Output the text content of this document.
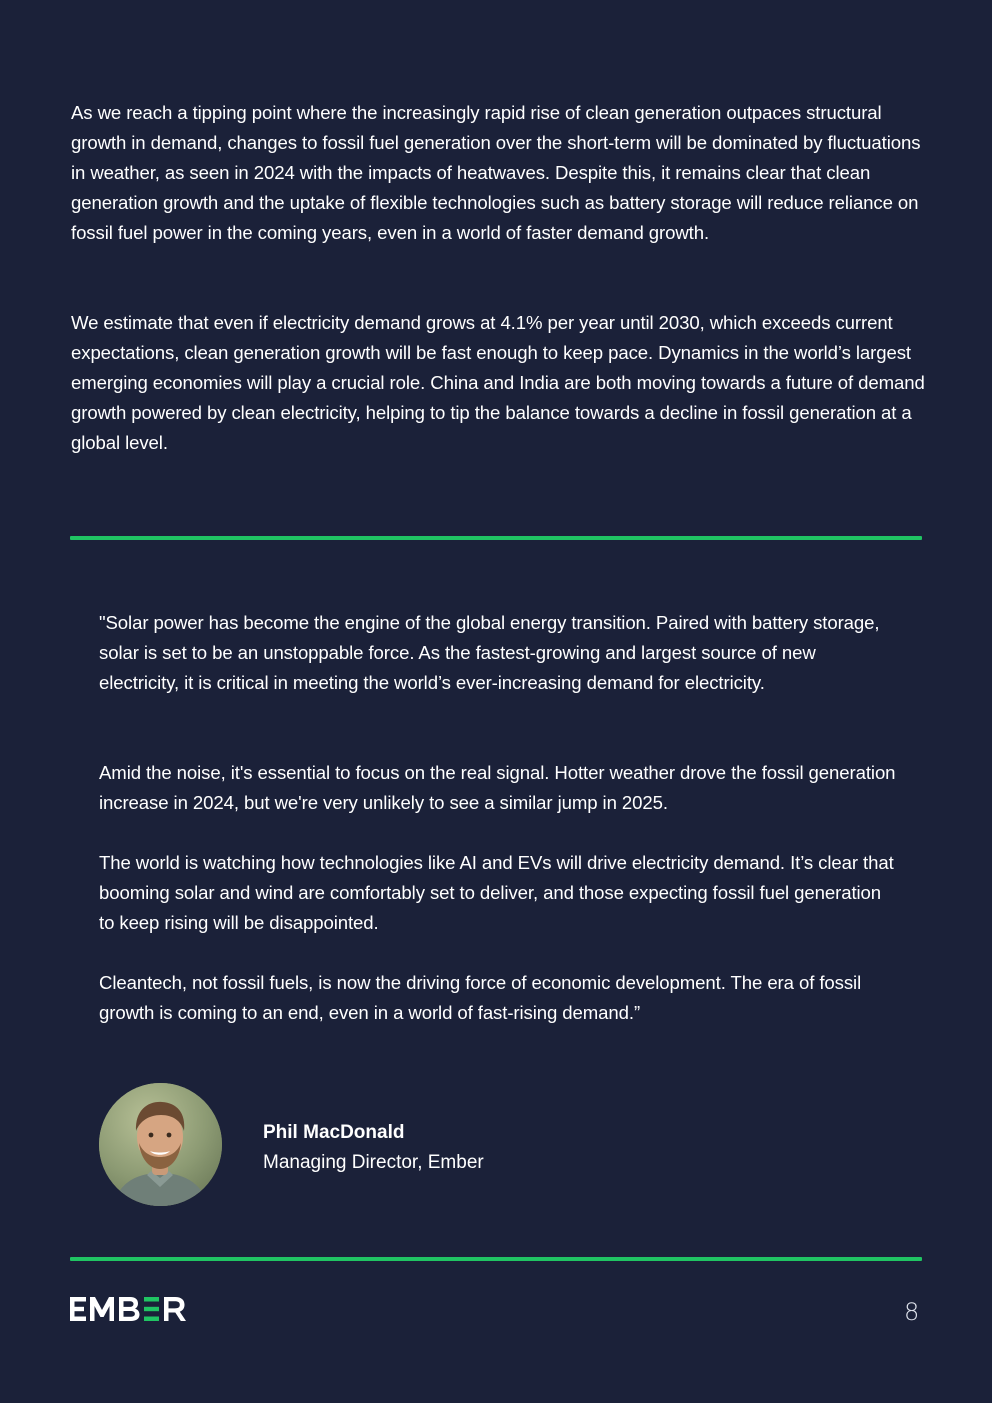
As we reach a tipping point where the increasingly rapid rise of clean generation outpaces structural growth in demand, changes to fossil fuel generation over the short-term will be dominated by fluctuations in weather, as seen in 2024 with the impacts of heatwaves. Despite this, it remains clear that clean generation growth and the uptake of flexible technologies such as battery storage will reduce reliance on fossil fuel power in the coming years, even in a world of faster demand growth.

We estimate that even if electricity demand grows at 4.1% per year until 2030, which exceeds current expectations, clean generation growth will be fast enough to keep pace. Dynamics in the world’s largest emerging economies will play a crucial role. China and India are both moving towards a future of demand growth powered by clean electricity, helping to tip the balance towards a decline in fossil generation at a global level.

"Solar power has become the engine of the global energy transition. Paired with battery storage, solar is set to be an unstoppable force. As the fastest-growing and largest source of new electricity, it is critical in meeting the world’s ever-increasing demand for electricity.

Amid the noise, it's essential to focus on the real signal. Hotter weather drove the fossil generation increase in 2024, but we're very unlikely to see a similar jump in 2025.

The world is watching how technologies like AI and EVs will drive electricity demand. It’s clear that booming solar and wind are comfortably set to deliver, and those expecting fossil fuel generation to keep rising will be disappointed.

Cleantech, not fossil fuels, is now the driving force of economic development. The era of fossil growth is coming to an end, even in a world of fast-rising demand.”

Phil MacDonald
Managing Director, Ember
8
